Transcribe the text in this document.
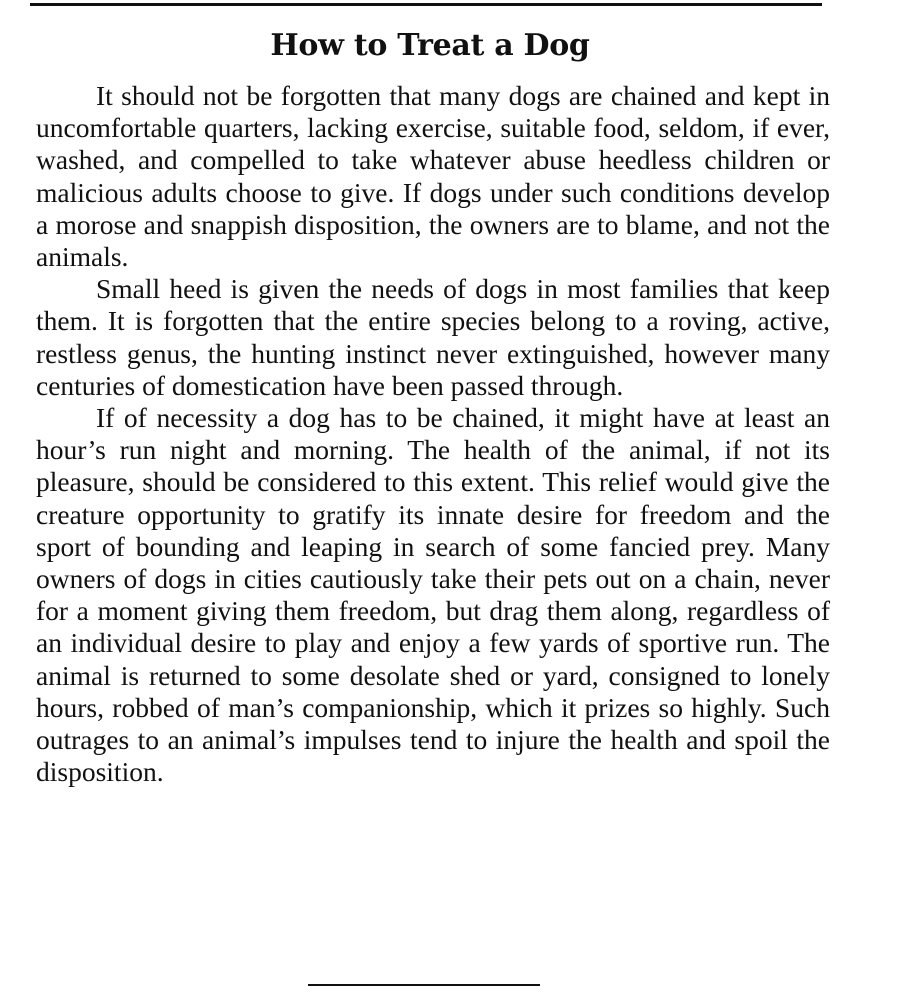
How to Treat a Dog

It should not be forgotten that many dogs are chained and kept in uncomfortable quarters, lacking exercise, suitable food, seldom, if ever, washed, and compelled to take whatever abuse heedless children or malicious adults choose to give. If dogs under such conditions develop a morose and snappish disposition, the owners are to blame, and not the animals.

Small heed is given the needs of dogs in most families that keep them. It is forgotten that the entire species belong to a roving, active, restless genus, the hunting instinct never extinguished, however many centuries of domestication have been passed through.

If of necessity a dog has to be chained, it might have at least an hour’s run night and morning. The health of the animal, if not its pleasure, should be considered to this extent. This relief would give the creature opportunity to gratify its innate desire for freedom and the sport of bounding and leaping in search of some fancied prey. Many owners of dogs in cities cautiously take their pets out on a chain, never for a moment giving them freedom, but drag them along, regardless of an individual desire to play and enjoy a few yards of sportive run. The animal is returned to some desolate shed or yard, consigned to lonely hours, robbed of man’s companionship, which it prizes so highly. Such outrages to an animal’s impulses tend to injure the health and spoil the disposition.
